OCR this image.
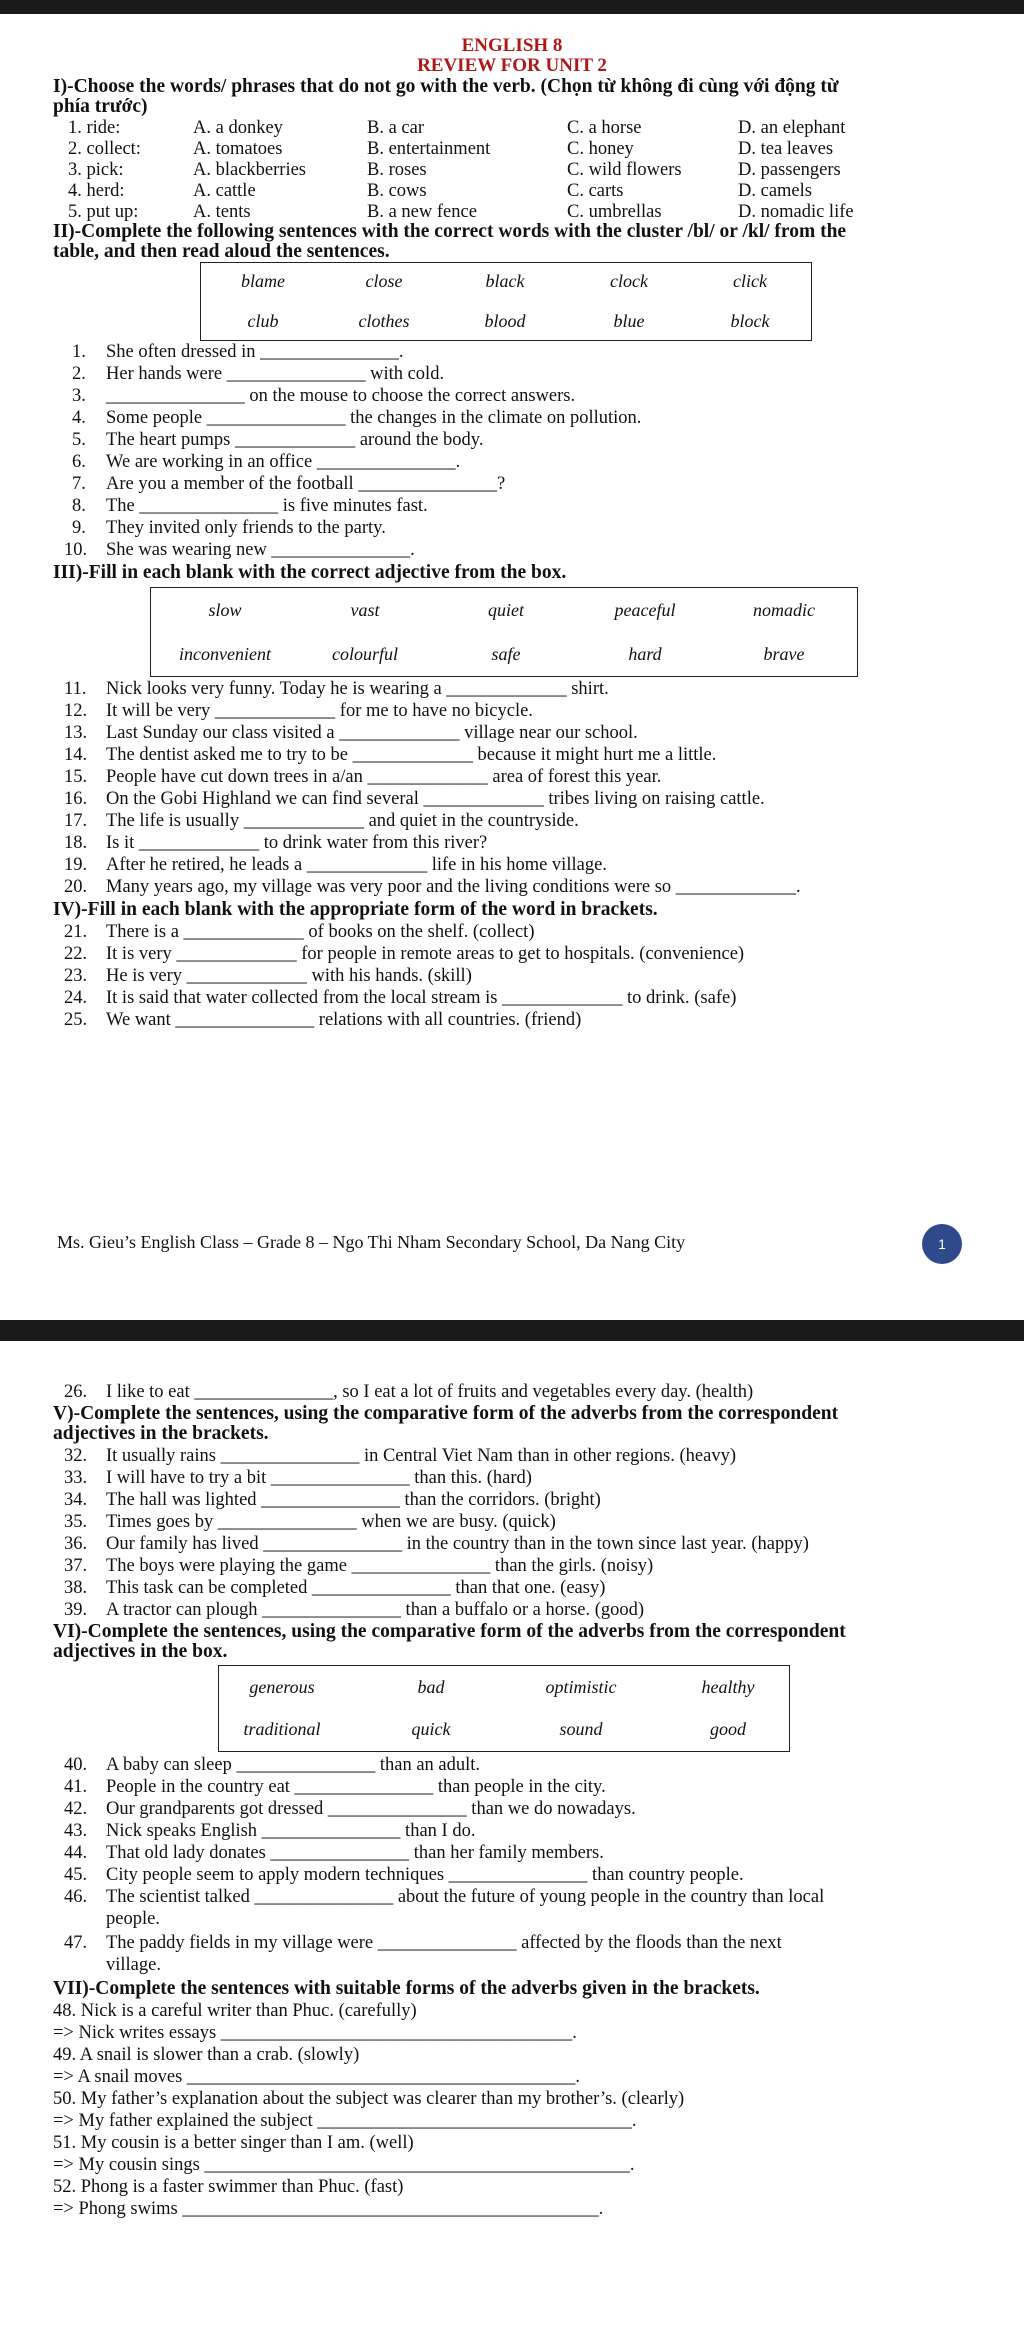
ENGLISH 8
REVIEW FOR UNIT 2
I)-Choose the words/ phrases that do not go with the verb. (Chọn từ không đi cùng với động từ
phía trước)
1. ride:	A. a donkey	B. a car	C. a horse	D. an elephant
2. collect:	A. tomatoes	B. entertainment	C. honey	D. tea leaves
3. pick:	A. blackberries	B. roses	C. wild flowers	D. passengers
4. herd:	A. cattle	B. cows	C. carts	D. camels
5. put up:	A. tents	B. a new fence	C. umbrellas	D. nomadic life
II)-Complete the following sentences with the correct words with the cluster /bl/ or /kl/ from the
table, and then read aloud the sentences.
blame	close	black	clock	click
club	clothes	blood	blue	block
1. She often dressed in _______________.
2. Her hands were _______________ with cold.
3. _______________ on the mouse to choose the correct answers.
4. Some people _______________ the changes in the climate on pollution.
5. The heart pumps _____________ around the body.
6. We are working in an office _______________.
7. Are you a member of the football _______________?
8. The _______________ is five minutes fast.
9. They invited only friends to the party.
10. She was wearing new _______________.
III)-Fill in each blank with the correct adjective from the box.
slow	vast	quiet	peaceful	nomadic
inconvenient	colourful	safe	hard	brave
11. Nick looks very funny. Today he is wearing a _____________ shirt.
12. It will be very _____________ for me to have no bicycle.
13. Last Sunday our class visited a _____________ village near our school.
14. The dentist asked me to try to be _____________ because it might hurt me a little.
15. People have cut down trees in a/an _____________ area of forest this year.
16. On the Gobi Highland we can find several _____________ tribes living on raising cattle.
17. The life is usually _____________ and quiet in the countryside.
18. Is it _____________ to drink water from this river?
19. After he retired, he leads a _____________ life in his home village.
20. Many years ago, my village was very poor and the living conditions were so _____________.
IV)-Fill in each blank with the appropriate form of the word in brackets.
21. There is a _____________ of books on the shelf. (collect)
22. It is very _____________ for people in remote areas to get to hospitals. (convenience)
23. He is very _____________ with his hands. (skill)
24. It is said that water collected from the local stream is _____________ to drink. (safe)
25. We want _______________ relations with all countries. (friend)
Ms. Gieu’s English Class – Grade 8 – Ngo Thi Nham Secondary School, Da Nang City	1
26. I like to eat _______________, so I eat a lot of fruits and vegetables every day. (health)
V)-Complete the sentences, using the comparative form of the adverbs from the correspondent
adjectives in the brackets.
32. It usually rains _______________ in Central Viet Nam than in other regions. (heavy)
33. I will have to try a bit _______________ than this. (hard)
34. The hall was lighted _______________ than the corridors. (bright)
35. Times goes by _______________ when we are busy. (quick)
36. Our family has lived _______________ in the country than in the town since last year. (happy)
37. The boys were playing the game _______________ than the girls. (noisy)
38. This task can be completed _______________ than that one. (easy)
39. A tractor can plough _______________ than a buffalo or a horse. (good)
VI)-Complete the sentences, using the comparative form of the adverbs from the correspondent
adjectives in the box.
generous	bad	optimistic	healthy
traditional	quick	sound	good
40. A baby can sleep _______________ than an adult.
41. People in the country eat _______________ than people in the city.
42. Our grandparents got dressed _______________ than we do nowadays.
43. Nick speaks English _______________ than I do.
44. That old lady donates _______________ than her family members.
45. City people seem to apply modern techniques _______________ than country people.
46. The scientist talked _______________ about the future of young people in the country than local
people.
47. The paddy fields in my village were _______________ affected by the floods than the next
village.
VII)-Complete the sentences with suitable forms of the adverbs given in the brackets.
48. Nick is a careful writer than Phuc. (carefully)
=> Nick writes essays ______________________________________.
49. A snail is slower than a crab. (slowly)
=> A snail moves __________________________________________.
50. My father’s explanation about the subject was clearer than my brother’s. (clearly)
=> My father explained the subject __________________________________.
51. My cousin is a better singer than I am. (well)
=> My cousin sings ______________________________________________.
52. Phong is a faster swimmer than Phuc. (fast)
=> Phong swims _____________________________________________.
